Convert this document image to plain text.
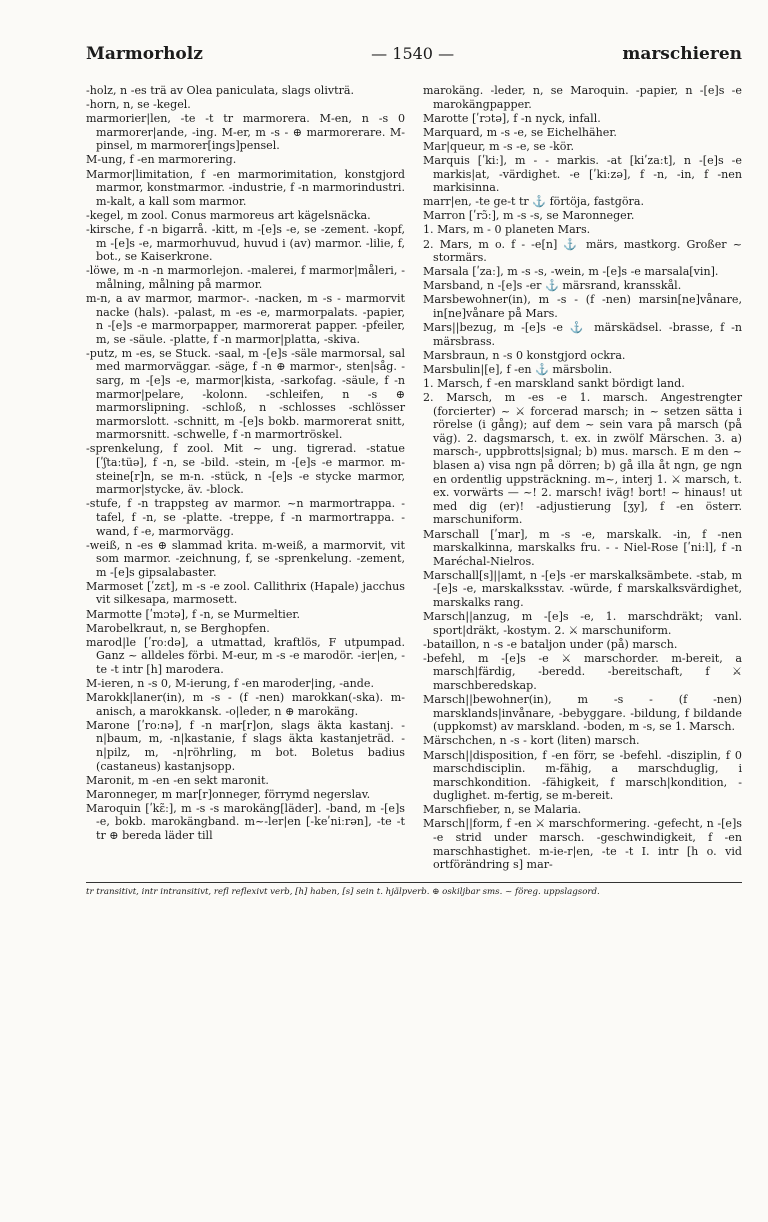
Marmorholz	— 1540 —	marschieren

-holz, n -es trä av Olea paniculata, slags olivträ.

-horn, n, se -kegel.

marmorier|len, -te -t tr marmorera. M-en, n -s 0 marmorer|ande, -ing. M-er, m -s - ⊕ marmorerare. M-pinsel, m marmorer[ings]pensel.

M-ung, f -en marmorering.

Marmor|limitation, f -en marmorimitation, konstgjord marmor, konstmarmor. -industrie, f -n marmorindustri. m-kalt, a kall som marmor.

-kegel, m zool. Conus marmoreus art kägelsnäcka.

-kirsche, f -n bigarrå. -kitt, m -[e]s -e, se -zement. -kopf, m -[e]s -e, marmorhuvud, huvud i (av) marmor. -lilie, f, bot., se Kaiserkrone.

-löwe, m -n -n marmorlejon. -malerei, f marmor|måleri, -målning, målning på marmor.

m-n, a av marmor, marmor-. -nacken, m -s - marmorvit nacke (hals). -palast, m -es -e, marmorpalats. -papier, n -[e]s -e marmorpapper, marmorerat papper. -pfeiler, m, se -säule. -platte, f -n marmor|platta, -skiva.

-putz, m -es, se Stuck. -saal, m -[e]s -säle marmorsal, sal med marmorväggar. -säge, f -n ⊕ marmor-, sten|såg. -sarg, m -[e]s -e, marmor|kista, -sarkofag. -säule, f -n marmor|pelare, -kolonn. -schleifen, n -s ⊕ marmorslipning. -schloß, n -schlosses -schlösser marmorslott. -schnitt, m -[e]s bokb. marmorerat snitt, marmorsnitt. -schwelle, f -n marmortröskel.

-sprenkelung, f zool. Mit ~ ung. tigrerad. -statue [ʹʃtaːtüə], f -n, se -bild. -stein, m -[e]s -e marmor. m-steine[r]n, se m-n. -stück, n -[e]s -e stycke marmor, marmor|stycke, äv. -block.

-stufe, f -n trappsteg av marmor. ~n marmortrappa. -tafel, f -n, se -platte. -treppe, f -n marmortrappa. -wand, f -e, marmorvägg.

-weiß, n -es ⊕ slammad krita. m-weiß, a marmorvit, vit som marmor. -zeichnung, f, se -sprenkelung. -zement, m -[e]s gipsalabaster.

Marmoset [ʹzɛt], m -s -e zool. Callithrix (Hapale) jacchus vit silkesapa, marmosett.

Marmotte [ʹmɔtə], f -n, se Murmeltier.

Marobelkraut, n, se Berghopfen.

marod|le [ʹroːdə], a utmattad, kraftlös, F utpumpad. Ganz ~ alldeles förbi. M-eur, m -s -e marodör. -ier|en, -te -t intr [h] marodera.

M-ieren, n -s 0, M-ierung, f -en maroder|ing, -ande.

Marokk|laner(in), m -s - (f -nen) marokkan(-ska). m-anisch, a marokkansk. -o|leder, n ⊕ marokäng.

Marone [ʹroːnə], f -n mar[r]on, slags äkta kastanj. -n|baum, m, -n|kastanie, f slags äkta kastanjeträd. -n|pilz, m, -n|röhrling, m bot. Boletus badius (castaneus) kastanjsopp.

Maronit, m -en -en sekt maronit.

Maronneger, m mar[r]onneger, förrymd negerslav.

Maroquin [ʹkɛ̃ː], m -s -s marokäng[läder]. -band, m -[e]s -e, bokb. marokängband. m~-ler|en [-keʹniːrən], -te -t tr ⊕ bereda läder till

marokäng. -leder, n, se Maroquin. -papier, n -[e]s -e marokängpapper.

Marotte [ʹrɔtə], f -n nyck, infall.

Marquard, m -s -e, se Eichelhäher.

Mar|queur, m -s -e, se -kör.

Marquis [ʹkiː], m - - markis. -at [kiʹzaːt], n -[e]s -e markis|at, -värdighet. -e [ʹkiːzə], f -n, -in, f -nen markisinna.

marr|en, -te ge-t tr ⚓ förtöja, fastgöra.

Marron [ʹrɔ̃ː], m -s -s, se Maronneger.

1. Mars, m - 0 planeten Mars.

2. Mars, m o. f - -e[n] ⚓ märs, mastkorg. Großer ~ stormärs.

Marsala [ʹzaː], m -s -s, -wein, m -[e]s -e marsala[vin].

Marsband, n -[e]s -er ⚓ märsrand, kransskål.

Marsbewohner(in), m -s - (f -nen) marsin[ne]vånare, in[ne]vånare på Mars.

Mars||bezug, m -[e]s -e ⚓ märskädsel. -brasse, f -n märsbrass.

Marsbraun, n -s 0 konstgjord ockra.

Marsbulin|[e], f -en ⚓ märsbolin.

1. Marsch, f -en marskland sankt bördigt land.

2. Marsch, m -es -e 1. marsch. Angestrengter (forcierter) ~ ⚔ forcerad marsch; in ~ setzen sätta i rörelse (i gång); auf dem ~ sein vara på marsch (på väg). 2. dagsmarsch, t. ex. in zwölf Märschen. 3. a) marsch-, uppbrotts|signal; b) mus. marsch. E m den ~ blasen a) visa ngn på dörren; b) gå illa åt ngn, ge ngn en ordentlig uppsträckning. m~, interj 1. ⚔ marsch, t. ex. vorwärts — ~! 2. marsch! iväg! bort! ~ hinaus! ut med dig (er)! -adjustierung [ʒy], f -en österr. marschuniform.

Marschall [ʹmar], m -s -e, marskalk. -in, f -nen marskalkinna, marskalks fru. - - Niel-Rose [ʹniːl], f -n Maréchal-Nielros.

Marschall[s]||amt, n -[e]s -er marskalksämbete. -stab, m -[e]s -e, marskalksstav. -würde, f marskalksvärdighet, marskalks rang.

Marsch||anzug, m -[e]s -e, 1. marschdräkt; vanl. sport|dräkt, -kostym. 2. ⚔ marschuniform.

-bataillon, n -s -e bataljon under (på) marsch.

-befehl, m -[e]s -e ⚔ marschorder. m-bereit, a marsch|färdig, -beredd. -bereitschaft, f ⚔ marschberedskap.

Marsch||bewohner(in), m -s - (f -nen) marsklands|invånare, -bebyggare. -bildung, f bildande (uppkomst) av marskland. -boden, m -s, se 1. Marsch.

Märschchen, n -s - kort (liten) marsch.

Marsch||disposition, f -en förr, se -befehl. -disziplin, f 0 marschdisciplin. m-fähig, a marschduglig, i marschkondition. -fähigkeit, f marsch|kondition, -duglighet. m-fertig, se m-bereit.

Marschfieber, n, se Malaria.

Marsch||form, f -en ⚔ marschformering. -gefecht, n -[e]s -e strid under marsch. -geschwindigkeit, f -en marschhastighet. m-ie-r|en, -te -t I. intr [h o. vid ortförändring s] mar-

tr transitivt, intr intransitivt, refl reflexivt verb, [h] haben, [s] sein t. hjälpverb. ⊕ oskiljbar sms. ~ föreg. uppslagsord.
